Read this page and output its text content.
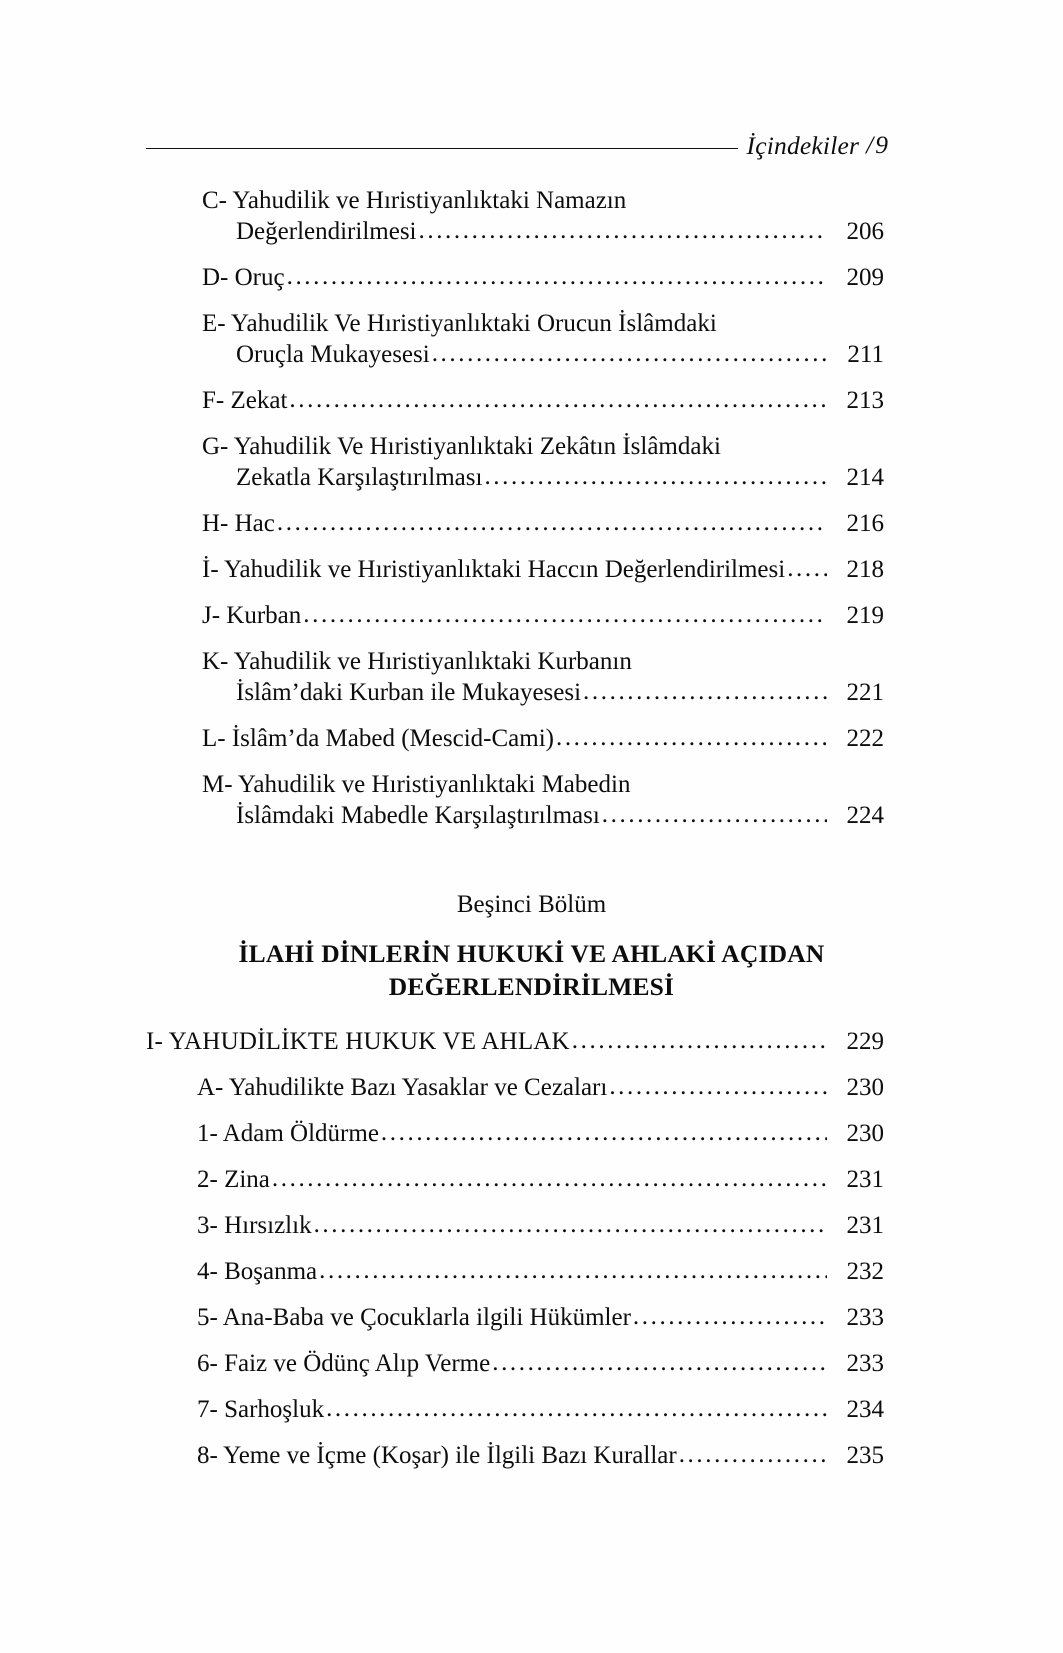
İçindekiler / 9
C- Yahudilik ve Hıristiyanlıktaki Namazın
Değerlendirilmesi .....	206
D- Oruç .....	209
E- Yahudilik Ve Hıristiyanlıktaki Orucun İslâmdaki
Oruçla Mukayesesi .....	211
F- Zekat .....	213
G- Yahudilik Ve Hıristiyanlıktaki Zekâtın İslâmdaki
Zekatla Karşılaştırılması .....	214
H- Hac .....	216
İ- Yahudilik ve Hıristiyanlıktaki Haccın Değerlendirilmesi .....	218
J- Kurban .....	219
K- Yahudilik ve Hıristiyanlıktaki Kurbanın
İslâm’daki Kurban ile Mukayesesi .....	221
L- İslâm’da Mabed (Mescid-Cami) .....	222
M- Yahudilik ve Hıristiyanlıktaki Mabedin
İslâmdaki Mabedle Karşılaştırılması .....	224
Beşinci Bölüm
İLAHİ DİNLERİN HUKUKİ VE AHLAKİ AÇIDAN
DEĞERLENDİRİLMESİ
I- YAHUDİLİKTE HUKUK VE AHLAK .....	229
A- Yahudilikte Bazı Yasaklar ve Cezaları .....	230
1- Adam Öldürme .....	230
2- Zina .....	231
3- Hırsızlık .....	231
4- Boşanma .....	232
5- Ana-Baba ve Çocuklarla ilgili Hükümler .....	233
6- Faiz ve Ödünç Alıp Verme .....	233
7- Sarhoşluk .....	234
8- Yeme ve İçme (Koşar) ile İlgili Bazı Kurallar .....	235
